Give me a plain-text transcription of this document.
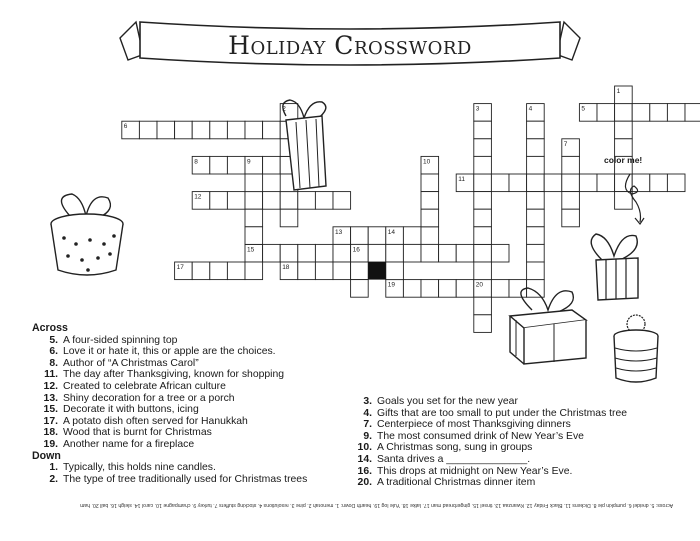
Holiday Crossword
6
5
8
11
12
13
15
17	18
19
1
2	3	4
7
9	10
14
16
20
color me!
Across
5. A four-sided spinning top
6. Love it or hate it, this or apple are the choices.
8. Author of “A Christmas Carol”
11. The day after Thanksgiving, known for shopping
12. Created to celebrate African culture
13. Shiny decoration for a tree or a porch
15. Decorate it with buttons, icing
17. A potato dish often served for Hanukkah
18. Wood that is burnt for Christmas
19. Another name for a fireplace
Down
1. Typically, this holds nine candles.
2. The type of tree traditionally used for Christmas trees
3. Goals you set for the new year
4. Gifts that are too small to put under the Christmas tree
7. Centerpiece of most Thanksgiving dinners
9. The most consumed drink of New Year’s Eve
10. A Christmas song, sung in groups
14. Santa drives a ______________.
16. This drops at midnight on New Year’s Eve.
20. A traditional Christmas dinner item
Across: 5. dreidel 6. pumpkin pie 8. Dickens 11. Black Friday 12. Kwanzaa 13. tinsel 15. gingerbread man 17. latke 18. Yule log 19. hearth Down: 1. menorah 2. pine 3. resolutions 4. stocking stuffers 7. turkey 9. champagne 10. carol 14. sleigh 16. ball 20. ham
